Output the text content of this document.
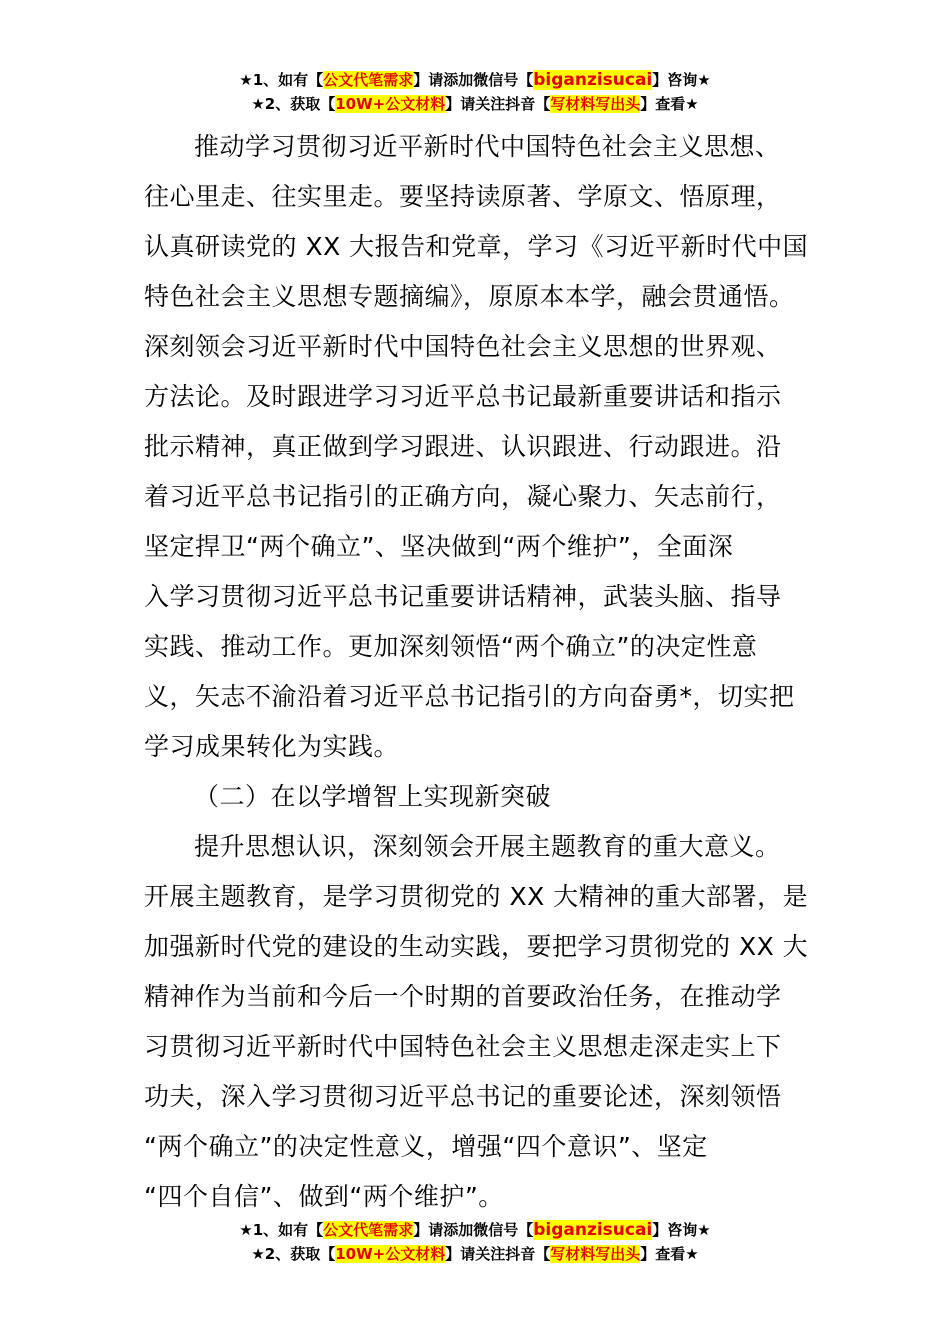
★1、如有【公文代笔需求】请添加微信号【biganzisucai】咨询★
★2、获取【10W+公文材料】请关注抖音【写材料写出头】查看★
推动学习贯彻习近平新时代中国特色社会主义思想、
往心里走、往实里走。要坚持读原著、学原文、悟原理，
认真研读党的 XX 大报告和党章，学习《习近平新时代中国
特色社会主义思想专题摘编》，原原本本学，融会贯通悟。
深刻领会习近平新时代中国特色社会主义思想的世界观、
方法论。及时跟进学习习近平总书记最新重要讲话和指示
批示精神，真正做到学习跟进、认识跟进、行动跟进。沿
着习近平总书记指引的正确方向，凝心聚力、矢志前行，
坚定捍卫“两个确立”、坚决做到“两个维护”，全面深
入学习贯彻习近平总书记重要讲话精神，武装头脑、指导
实践、推动工作。更加深刻领悟“两个确立”的决定性意
义，矢志不渝沿着习近平总书记指引的方向奋勇*，切实把
学习成果转化为实践。
（二）在以学增智上实现新突破
提升思想认识，深刻领会开展主题教育的重大意义。
开展主题教育，是学习贯彻党的 XX 大精神的重大部署，是
加强新时代党的建设的生动实践，要把学习贯彻党的 XX 大
精神作为当前和今后一个时期的首要政治任务，在推动学
习贯彻习近平新时代中国特色社会主义思想走深走实上下
功夫，深入学习贯彻习近平总书记的重要论述，深刻领悟
“两个确立”的决定性意义，增强“四个意识”、坚定
“四个自信”、做到“两个维护”。
★1、如有【公文代笔需求】请添加微信号【biganzisucai】咨询★
★2、获取【10W+公文材料】请关注抖音【写材料写出头】查看★
